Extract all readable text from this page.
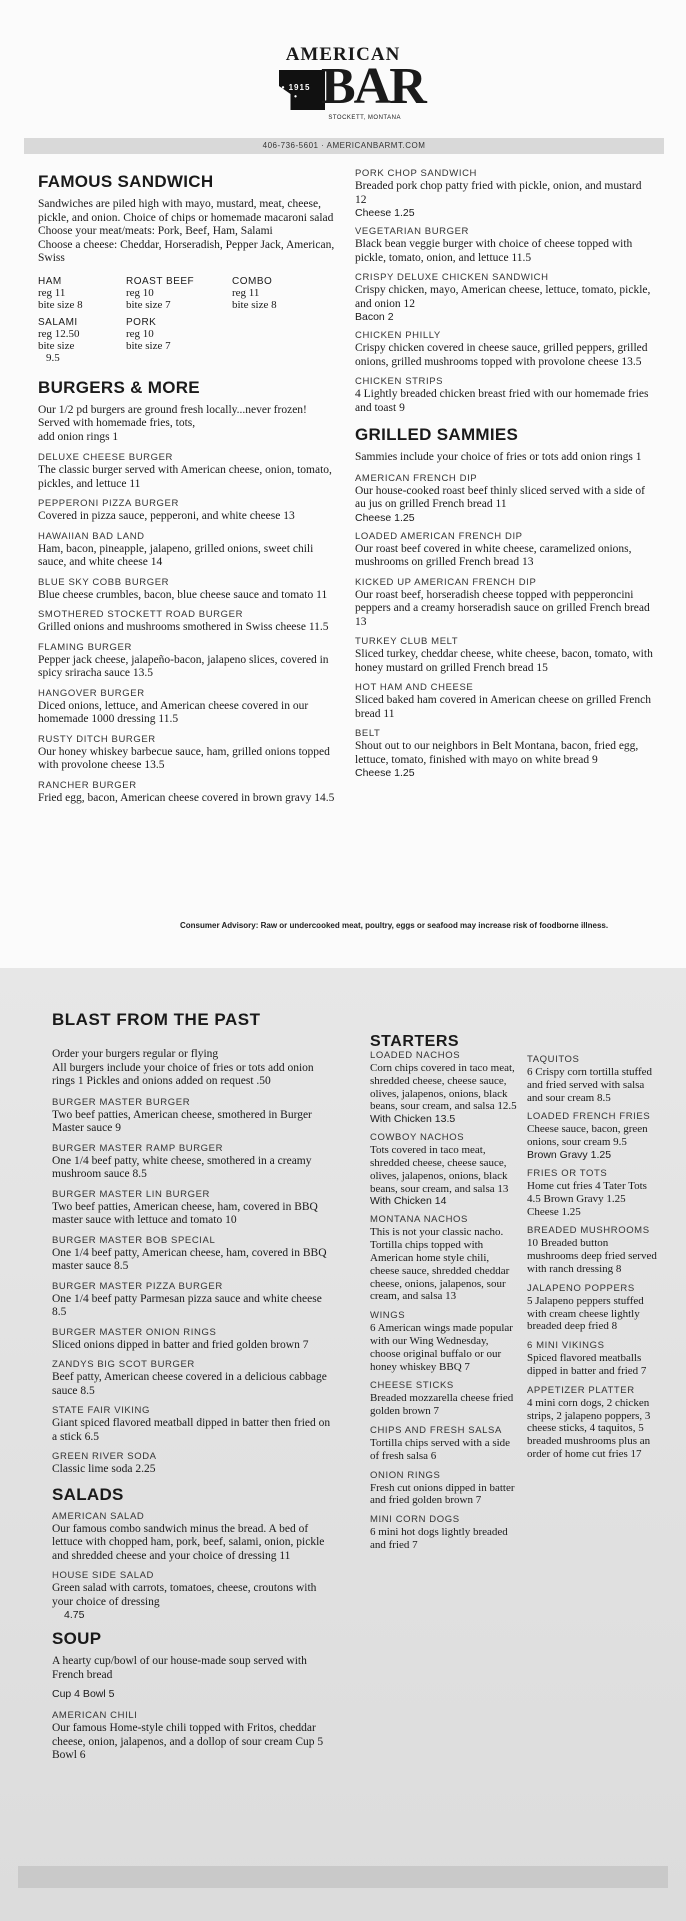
AMERICAN
• 1915 • BAR
STOCKETT, MONTANA
406-736-5601 · AMERICANBARMT.COM
FAMOUS SANDWICH
Sandwiches are piled high with mayo, mustard, meat, cheese, pickle, and onion. Choice of chips or homemade macaroni salad
Choose your meat/meats: Pork, Beef, Ham, Salami
Choose a cheese: Cheddar, Horseradish, Pepper Jack, American, Swiss
HAM
reg 11
bite size 8
ROAST BEEF
reg 10
bite size 7
COMBO
reg 11
bite size 8
SALAMI
reg 12.50
bite size
9.5
PORK
reg 10
bite size 7
BURGERS & MORE
Our 1/2 pd burgers are ground fresh locally...never frozen! Served with homemade fries, tots,
add onion rings 1
DELUXE CHEESE BURGER
The classic burger served with American cheese, onion, tomato, pickles, and lettuce 11
PEPPERONI PIZZA BURGER
Covered in pizza sauce, pepperoni, and white cheese 13
HAWAIIAN BAD LAND
Ham, bacon, pineapple, jalapeno, grilled onions, sweet chili sauce, and white cheese 14
BLUE SKY COBB BURGER
Blue cheese crumbles, bacon, blue cheese sauce and tomato 11
SMOTHERED STOCKETT ROAD BURGER
Grilled onions and mushrooms smothered in Swiss cheese 11.5
FLAMING BURGER
Pepper jack cheese, jalapeño-bacon, jalapeno slices, covered in spicy sriracha sauce 13.5
HANGOVER BURGER
Diced onions, lettuce, and American cheese covered in our homemade 1000 dressing 11.5
RUSTY DITCH BURGER
Our honey whiskey barbecue sauce, ham, grilled onions topped with provolone cheese 13.5
RANCHER BURGER
Fried egg, bacon, American cheese covered in brown gravy 14.5
PORK CHOP SANDWICH
Breaded pork chop patty fried with pickle, onion, and mustard 12
Cheese 1.25
VEGETARIAN BURGER
Black bean veggie burger with choice of cheese topped with pickle, tomato, onion, and lettuce 11.5
CRISPY DELUXE CHICKEN SANDWICH
Crispy chicken, mayo, American cheese, lettuce, tomato, pickle, and onion 12
Bacon 2
CHICKEN PHILLY
Crispy chicken covered in cheese sauce, grilled peppers, grilled onions, grilled mushrooms topped with provolone cheese 13.5
CHICKEN STRIPS
4 Lightly breaded chicken breast fried with our homemade fries and toast 9
GRILLED SAMMIES
Sammies include your choice of fries or tots add onion rings 1
AMERICAN FRENCH DIP
Our house-cooked roast beef thinly sliced served with a side of au jus on grilled French bread 11
Cheese 1.25
LOADED AMERICAN FRENCH DIP
Our roast beef covered in white cheese, caramelized onions, mushrooms on grilled French bread 13
KICKED UP AMERICAN FRENCH DIP
Our roast beef, horseradish cheese topped with pepperoncini peppers and a creamy horseradish sauce on grilled French bread 13
TURKEY CLUB MELT
Sliced turkey, cheddar cheese, white cheese, bacon, tomato, with honey mustard on grilled French bread 15
HOT HAM AND CHEESE
Sliced baked ham covered in American cheese on grilled French bread 11
BELT
Shout out to our neighbors in Belt Montana, bacon, fried egg, lettuce, tomato, finished with mayo on white bread 9
Cheese 1.25
Consumer Advisory: Raw or undercooked meat, poultry, eggs or seafood may increase risk of foodborne illness.
BLAST FROM THE PAST
Order your burgers regular or flying
All burgers include your choice of fries or tots add onion rings 1 Pickles and onions added on request .50
BURGER MASTER BURGER
Two beef patties, American cheese, smothered in Burger Master sauce 9
BURGER MASTER RAMP BURGER
One 1/4 beef patty, white cheese, smothered in a creamy mushroom sauce 8.5
BURGER MASTER LIN BURGER
Two beef patties, American cheese, ham, covered in BBQ master sauce with lettuce and tomato 10
BURGER MASTER BOB SPECIAL
One 1/4 beef patty, American cheese, ham, covered in BBQ master sauce 8.5
BURGER MASTER PIZZA BURGER
One 1/4 beef patty Parmesan pizza sauce and white cheese 8.5
BURGER MASTER ONION RINGS
Sliced onions dipped in batter and fried golden brown 7
ZANDYS BIG SCOT BURGER
Beef patty, American cheese covered in a delicious cabbage sauce 8.5
STATE FAIR VIKING
Giant spiced flavored meatball dipped in batter then fried on a stick 6.5
GREEN RIVER SODA
Classic lime soda 2.25
SALADS
AMERICAN SALAD
Our famous combo sandwich minus the bread. A bed of lettuce with chopped ham, pork, beef, salami, onion, pickle and shredded cheese and your choice of dressing 11
HOUSE SIDE SALAD
Green salad with carrots, tomatoes, cheese, croutons with your choice of dressing
4.75
SOUP
A hearty cup/bowl of our house-made soup served with French bread
Cup 4 Bowl 5
AMERICAN CHILI
Our famous Home-style chili topped with Fritos, cheddar cheese, onion, jalapenos, and a dollop of sour cream Cup 5 Bowl 6
STARTERS
LOADED NACHOS
Corn chips covered in taco meat, shredded cheese, cheese sauce, olives, jalapenos, onions, black beans, sour cream, and salsa 12.5
With Chicken 13.5
COWBOY NACHOS
Tots covered in taco meat, shredded cheese, cheese sauce, olives, jalapenos, onions, black beans, sour cream, and salsa 13
With Chicken 14
MONTANA NACHOS
This is not your classic nacho. Tortilla chips topped with American home style chili, cheese sauce, shredded cheddar cheese, onions, jalapenos, sour cream, and salsa 13
WINGS
6 American wings made popular with our Wing Wednesday, choose original buffalo or our honey whiskey BBQ 7
CHEESE STICKS
Breaded mozzarella cheese fried golden brown 7
CHIPS AND FRESH SALSA
Tortilla chips served with a side of fresh salsa 6
ONION RINGS
Fresh cut onions dipped in batter and fried golden brown 7
MINI CORN DOGS
6 mini hot dogs lightly breaded and fried 7
TAQUITOS
6 Crispy corn tortilla stuffed and fried served with salsa and sour cream 8.5
LOADED FRENCH FRIES
Cheese sauce, bacon, green onions, sour cream 9.5
Brown Gravy 1.25
FRIES OR TOTS
Home cut fries 4 Tater Tots 4.5 Brown Gravy 1.25 Cheese 1.25
BREADED MUSHROOMS
10 Breaded button mushrooms deep fried served with ranch dressing 8
JALAPENO POPPERS
5 Jalapeno peppers stuffed with cream cheese lightly breaded deep fried 8
6 MINI VIKINGS
Spiced flavored meatballs dipped in batter and fried 7
APPETIZER PLATTER
4 mini corn dogs, 2 chicken strips, 2 jalapeno poppers, 3 cheese sticks, 4 taquitos, 5 breaded mushrooms plus an order of home cut fries 17
